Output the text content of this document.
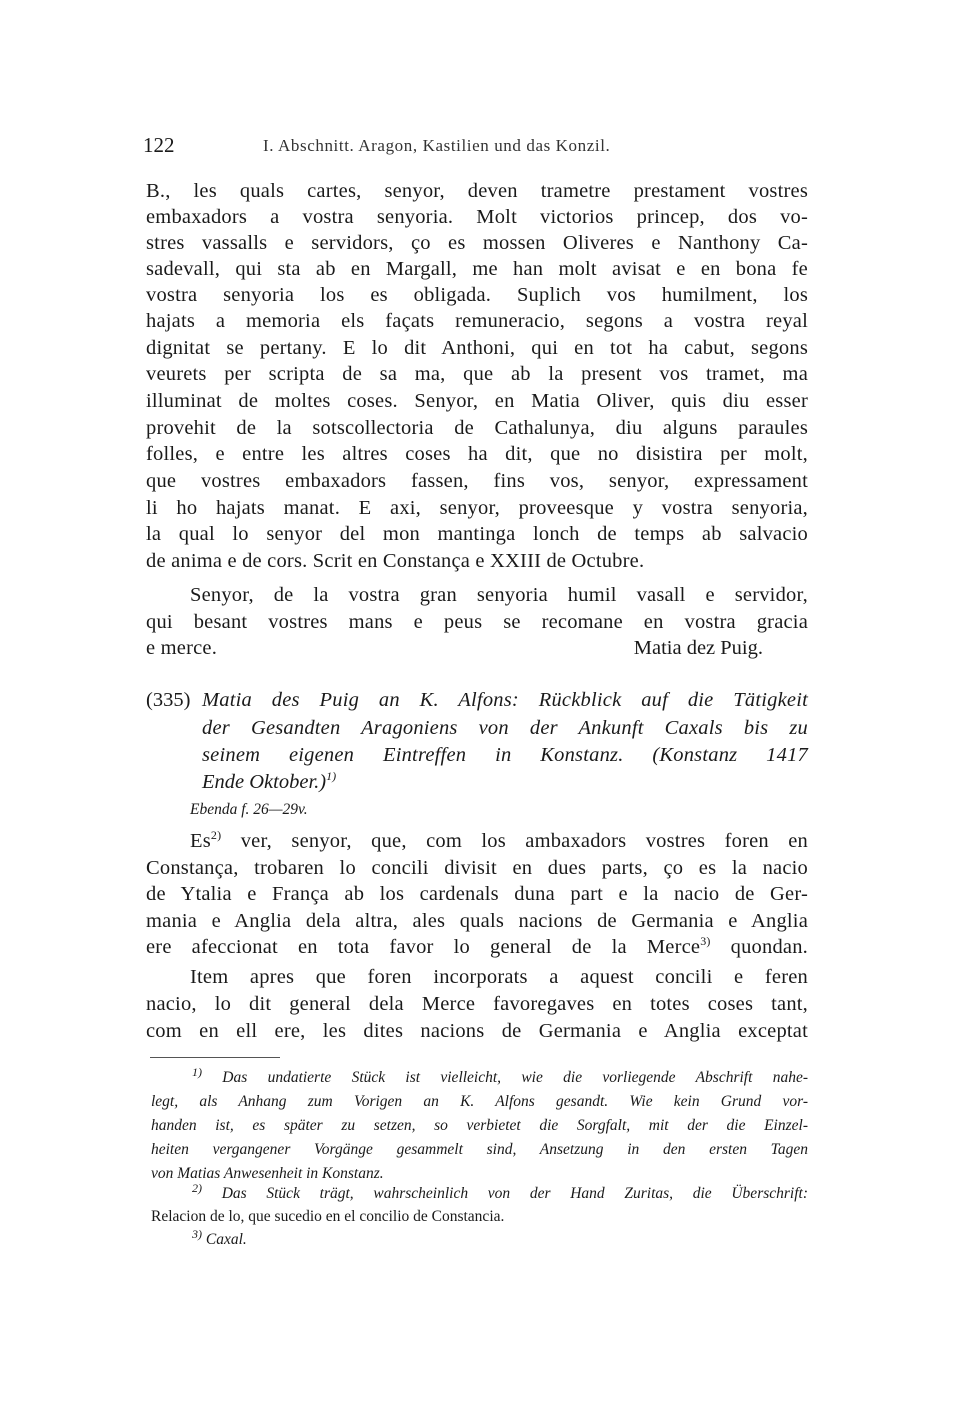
122	I. Abschnitt. Aragon, Kastilien und das Konzil.
B., les quals cartes, senyor, deven trametre prestament vostres
embaxadors a vostra senyoria. Molt victorios princep, dos vo-
stres vassalls e servidors, ço es mossen Oliveres e Nanthony Ca-
sadevall, qui sta ab en Margall, me han molt avisat e en bona fe
vostra senyoria los es obligada. Suplich vos humilment, los
hajats a memoria els façats remuneracio, segons a vostra reyal
dignitat se pertany. E lo dit Anthoni, qui en tot ha cabut, segons
veurets per scripta de sa ma, que ab la present vos tramet, ma
illuminat de moltes coses. Senyor, en Matia Oliver, quis diu esser
provehit de la sotscollectoria de Cathalunya, diu alguns paraules
folles, e entre les altres coses ha dit, que no disistira per molt,
que vostres embaxadors fassen, fins vos, senyor, expressament
li ho hajats manat. E axi, senyor, proveesque y vostra senyoria,
la qual lo senyor del mon mantinga lonch de temps ab salvacio
de anima e de cors. Scrit en Constança e XXIII de Octubre.
Senyor, de la vostra gran senyoria humil vasall e servidor,
qui besant vostres mans e peus se recomane en vostra gracia
e merce.	Matia dez Puig.
(335) Matia des Puig an K. Alfons: Rückblick auf die Tätigkeit
der Gesandten Aragoniens von der Ankunft Caxals bis zu
seinem eigenen Eintreffen in Konstanz. (Konstanz 1417
Ende Oktober.)$^{1)}$
Ebenda f. 26—29v.
Es$^{2)}$ ver, senyor, que, com los ambaxadors vostres foren en
Constança, trobaren lo concili divisit en dues parts, ço es la nacio
de Ytalia e França ab los cardenals duna part e la nacio de Ger-
mania e Anglia dela altra, ales quals nacions de Germania e Anglia
ere afeccionat en tota favor lo general de la Merce$^{3)}$ quondan.
Item apres que foren incorporats a aquest concili e feren
nacio, lo dit general dela Merce favoregaves en totes coses tant,
com en ell ere, les dites nacions de Germania e Anglia exceptat
$^{1)}$ Das undatierte Stück ist vielleicht, wie die vorliegende Abschrift nahe-
legt, als Anhang zum Vorigen an K. Alfons gesandt. Wie kein Grund vor-
handen ist, es später zu setzen, so verbietet die Sorgfalt, mit der die Einzel-
heiten vergangener Vorgänge gesammelt sind, Ansetzung in den ersten Tagen
von Matias Anwesenheit in Konstanz.
$^{2)}$ Das Stück trägt, wahrscheinlich von der Hand Zuritas, die Überschrift:
Relacion de lo, que sucedio en el concilio de Constancia.
$^{3)}$ Caxal.
